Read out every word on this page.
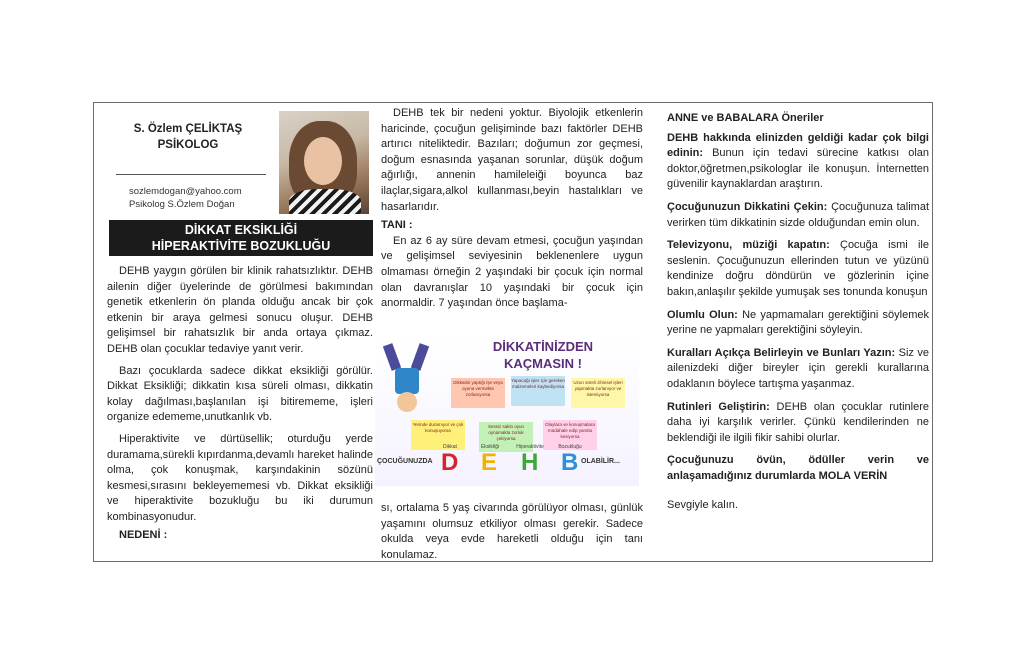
S. Özlem ÇELİKTAŞ
PSİKOLOG
sozlemdogan@yahoo.com
Psikolog S.Özlem Doğan
DİKKAT EKSİKLİĞİ
HİPERAKTİVİTE BOZUKLUĞU

DEHB yaygın görülen bir klinik rahatsızlıktır. DEHB ailenin diğer üyelerinde de görülmesi bakımından genetik etkenlerin ön planda olduğu ancak bir çok etkenin bir araya gelmesi sonucu oluşur. DEHB gelişimsel bir rahatsızlık bir anda ortaya çıkmaz. DEHB olan çocuklar tedaviye yanıt verir.

Bazı çocuklarda sadece dikkat eksikliği görülür. Dikkat Eksikliği; dikkatin kısa süreli olması, dikkatin kolay dağılması,başlanılan işi bitirememe, işleri organize edememe,unutkanlık vb.

Hiperaktivite ve dürtüsellik; oturduğu yerde duramama,sürekli kıpırdanma,devamlı hareket halinde olma, çok konuşmak, karşındakinin sözünü kesmesi,sırasını bekleyememesi vb. Dikkat eksikliği ve hiperaktivite bozukluğu bu iki durumun kombinasyonudur.

NEDENİ :

DEHB tek bir nedeni yoktur. Biyolojik etkenlerin haricinde, çocuğun gelişiminde bazı faktörler DEHB artırıcı niteliktedir. Bazıları; doğumun zor geçmesi, doğum esnasında yaşanan sorunlar, düşük doğum ağırlığı, annenin hamileleiği boyunca baz ilaçlar,sigara,alkol kullanması,beyin hastalıkları ve hasarlarıdır.

TANI :

En az 6 ay süre devam etmesi, çocuğun yaşından ve gelişimsel seviyesinin beklenenlere uygun olmaması örneğin 2 yaşındaki bir çocuk için normal olan davranışlar 10 yaşındaki bir çocuk için anormaldir. 7 yaşından önce başlama-

DİKKATİNİZDEN
KAÇMASIN !
Dikkatini yaptığı işe veya oyuna vermekte zorlanıyorsa
Yapacağı işler için gereken malzemeleri kaybediyorsa
Uzun süreli zihinsel işleri yapmakta zorlanıyor ve istemiyorsa
Yerinde duramıyor ve çok konuşuyorsa
Sessiz sakin oyun oynamakta zorluk çekiyorsa
Olaylara ve konuşmalara müdahale edip yanıtla kesiyorsa
Dikkat	Eksikliği	Hiperaktivite	Bozukluğu
D E H B
ÇOCUĞUNUZDA	OLABİLİR...

sı, ortalama 5 yaş civarında görülüyor olması, günlük yaşamını olumsuz etkiliyor olması gerekir. Sadece okulda veya evde hareketli olduğu için tanı konulamaz.

ANNE ve BABALARA Öneriler

DEHB hakkında elinizden geldiği kadar çok bilgi edinin: Bunun için tedavi sürecine katkısı olan doktor,öğretmen,psikologlar ile konuşun. İnternetten güvenilir kaynaklardan araştırın.

Çocuğunuzun Dikkatini Çekin: Çocuğunuza talimat verirken tüm dikkatinin sizde olduğundan emin olun.

Televizyonu, müziği kapatın: Çocuğa ismi ile seslenin. Çocuğunuzun ellerinden tutun ve yüzünü kendinize doğru döndürün ve gözlerinin içine bakın,anlaşılır şekilde yumuşak ses tonunda konuşun

Olumlu Olun: Ne yapmamaları gerektiğini söylemek yerine ne yapmaları gerektiğini söyleyin.

Kuralları Açıkça Belirleyin ve Bunları Yazın: Siz ve ailenizdeki diğer bireyler için gerekli kurallarına odaklanın böylece tartışma yaşanmaz.

Rutinleri Geliştirin: DEHB olan çocuklar rutinlere daha iyi karşılık verirler. Çünkü kendilerinden ne beklendiği ile ilgili fikir sahibi olurlar.

Çocuğunuzu övün, ödüller verin ve anlaşamadığınız durumlarda MOLA VERİN

Sevgiyle kalın.
